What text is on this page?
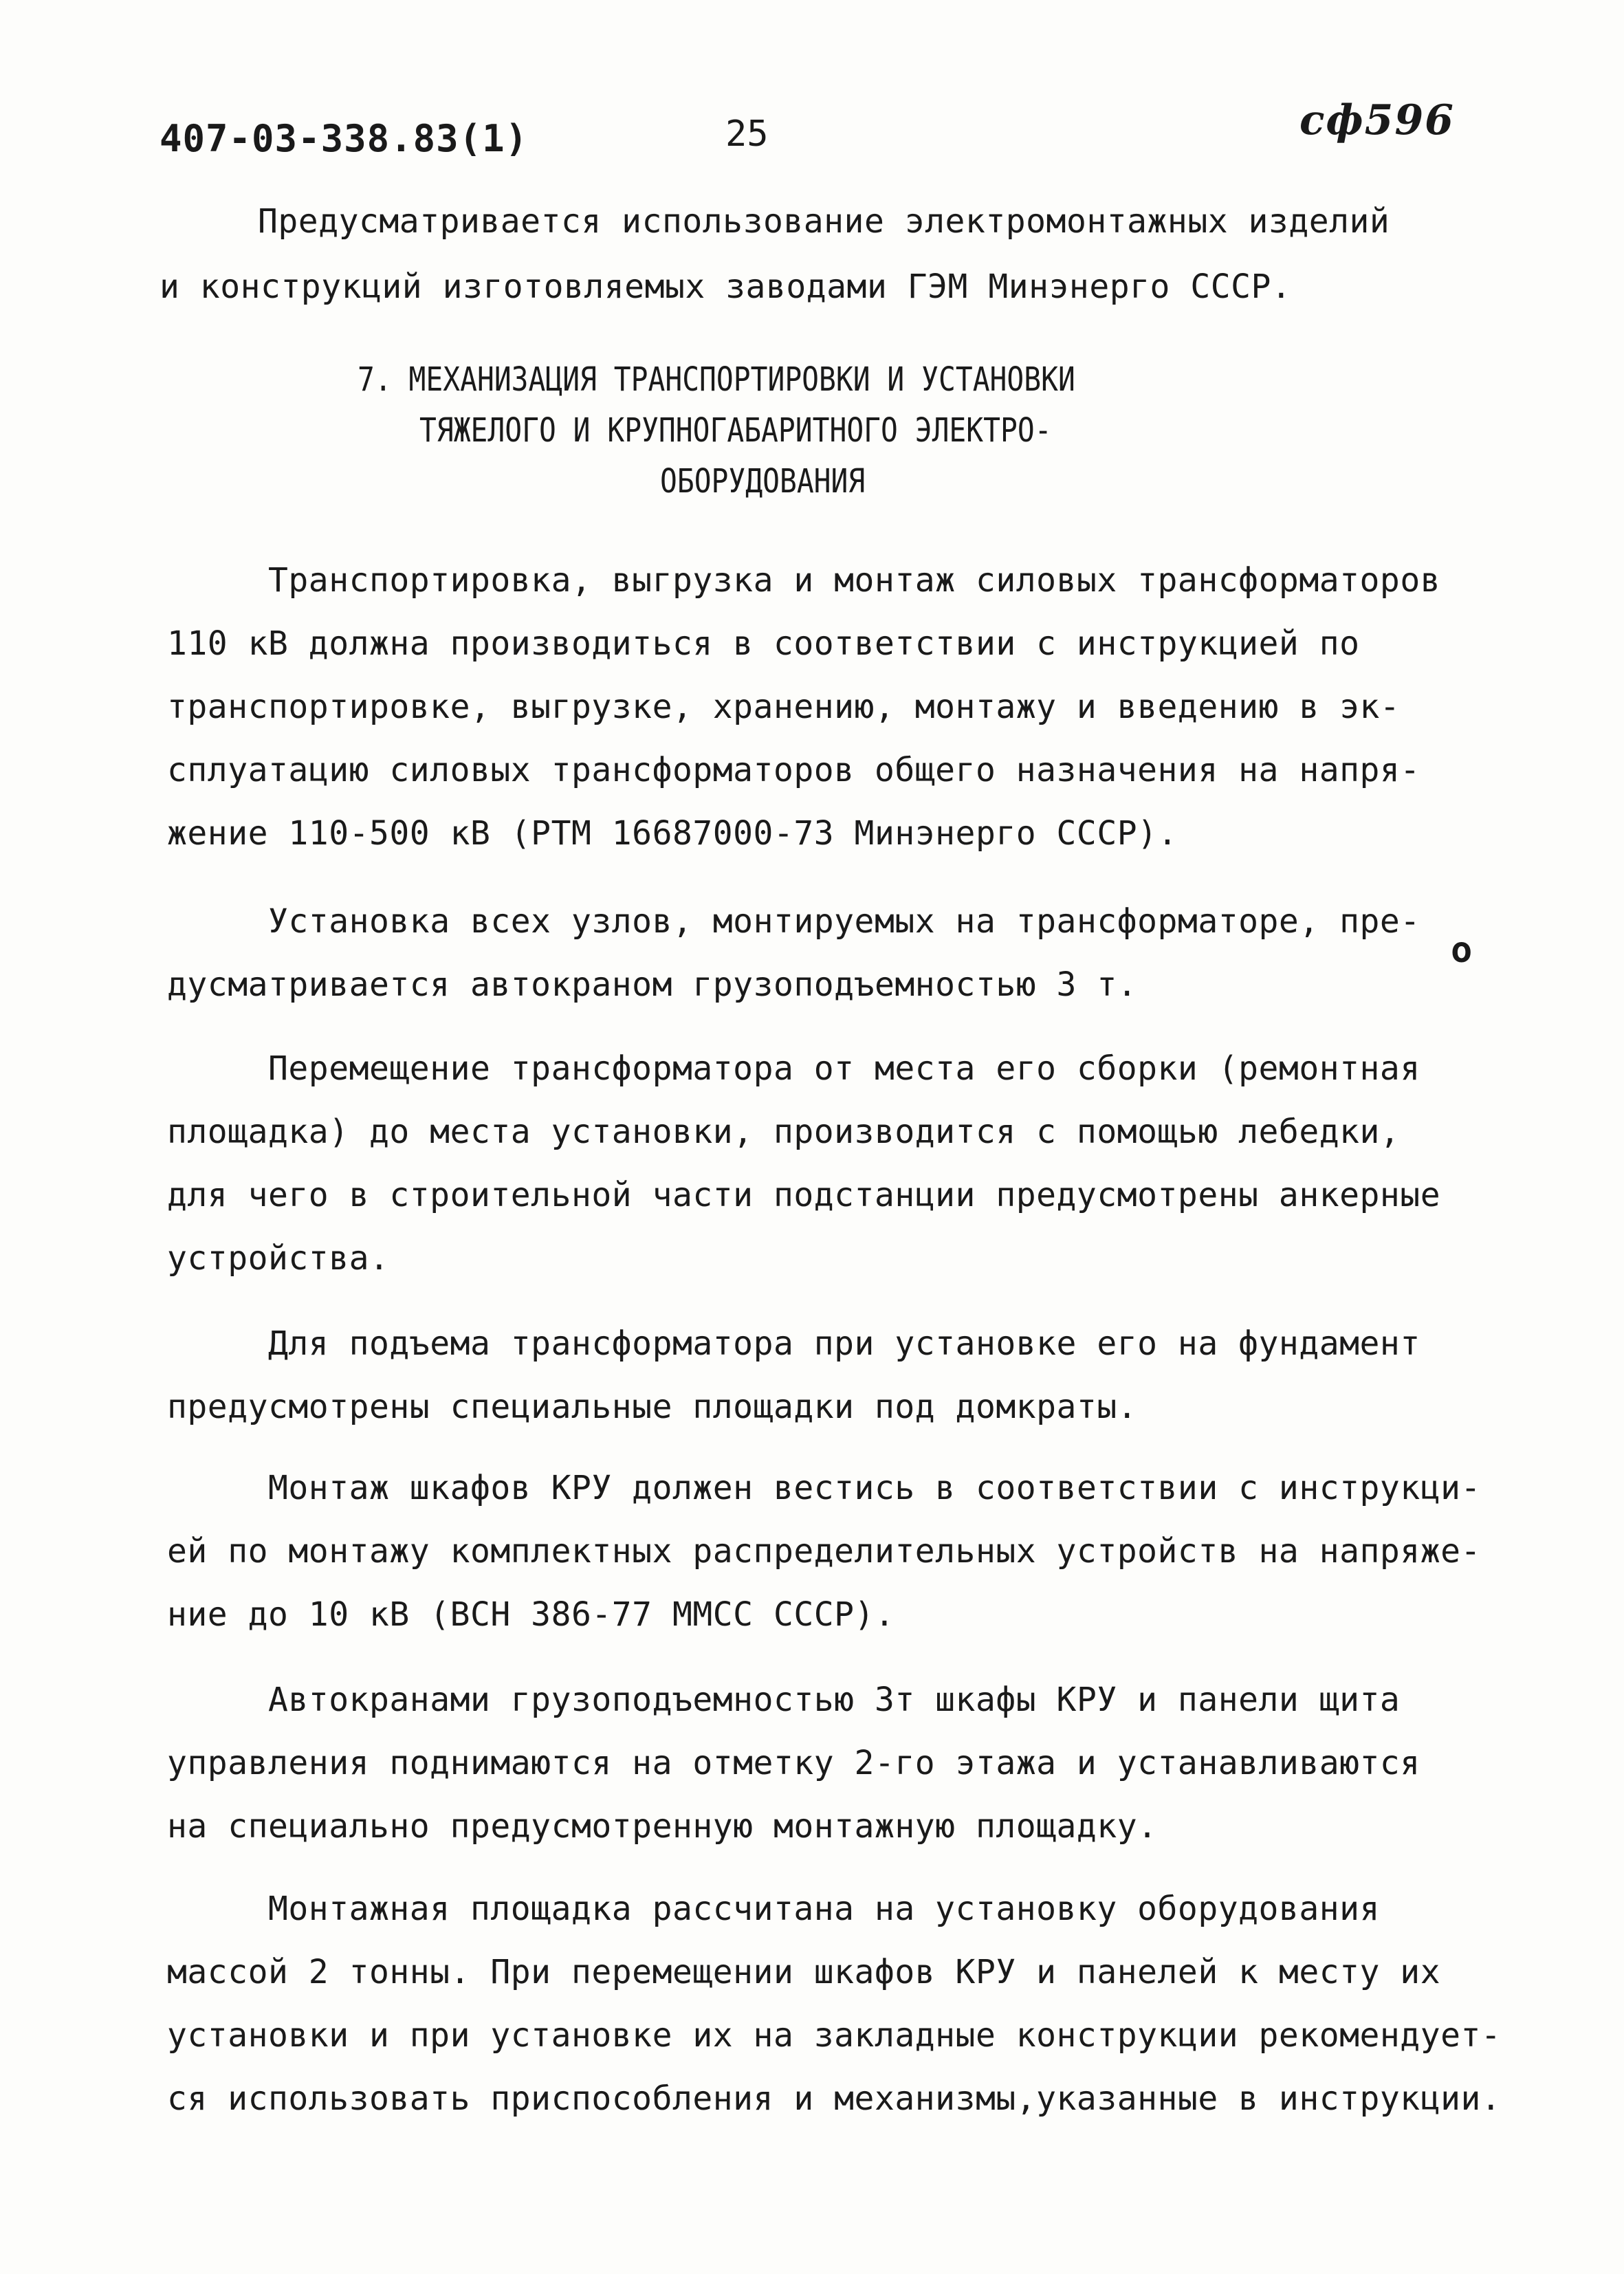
407-03-338.83(1)	25	сф596
Предусматривается использование электромонтажных изделий
и конструкций изготовляемых заводами ГЭМ Минэнерго СССР.
7. МЕХАНИЗАЦИЯ ТРАНСПОРТИРОВКИ И УСТАНОВКИ
ТЯЖЕЛОГО И КРУПНОГАБАРИТНОГО ЭЛЕКТРО-
ОБОРУДОВАНИЯ
Транспортировка, выгрузка и монтаж силовых трансформаторов
110 кВ должна производиться в соответствии с инструкцией по
транспортировке, выгрузке, хранению, монтажу и введению в эк-
сплуатацию силовых трансформаторов общего назначения на напря-
жение 110-500 кВ (РТМ 16687000-73 Минэнерго СССР).
Установка всех узлов, монтируемых на трансформаторе, пре-
дусматривается автокраном грузоподъемностью 3 т.
о
Перемещение трансформатора от места его сборки (ремонтная
площадка) до места установки, производится с помощью лебедки,
для чего в строительной части подстанции предусмотрены анкерные
устройства.
Для подъема трансформатора при установке его на фундамент
предусмотрены специальные площадки под домкраты.
Монтаж шкафов КРУ должен вестись в соответствии с инструкци-
ей по монтажу комплектных распределительных устройств на напряже-
ние до 10 кВ (ВСН 386-77 ММСС СССР).
Автокранами грузоподъемностью 3т шкафы КРУ и панели щита
управления поднимаются на отметку 2-го этажа и устанавливаются
на специально предусмотренную монтажную площадку.
Монтажная площадка рассчитана на установку оборудования
массой 2 тонны. При перемещении шкафов КРУ и панелей к месту их
установки и при установке их на закладные конструкции рекомендует-
ся использовать приспособления и механизмы,указанные в инструкции.
